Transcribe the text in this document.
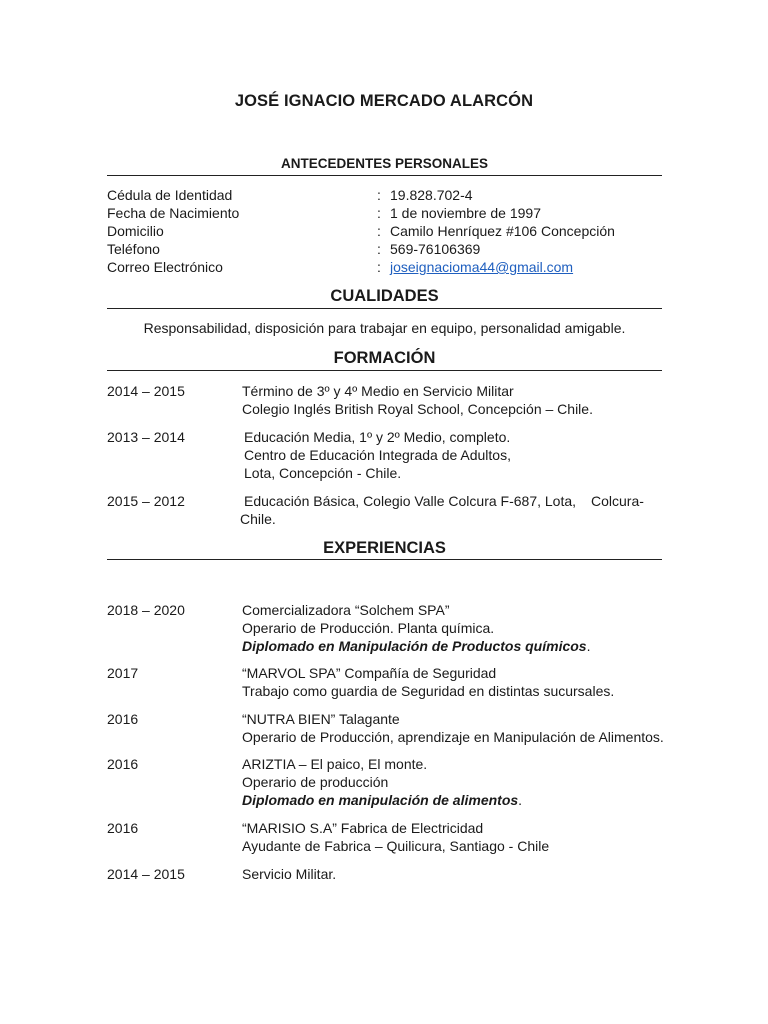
JOSÉ IGNACIO MERCADO ALARCÓN
ANTECEDENTES PERSONALES
Cédula de Identidad	: 19.828.702-4
Fecha de Nacimiento	: 1 de noviembre de 1997
Domicilio	: Camilo Henríquez #106 Concepción
Teléfono	: 569-76106369
Correo Electrónico	: joseignacioma44@gmail.com
CUALIDADES
Responsabilidad, disposición para trabajar en equipo, personalidad amigable.
FORMACIÓN
2014 – 2015	Término de 3º y 4º Medio en Servicio Militar
Colegio Inglés British Royal School, Concepción – Chile.
2013 – 2014	Educación Media, 1º y 2º Medio, completo.
Centro de Educación Integrada de Adultos,
Lota, Concepción - Chile.
2015 – 2012	Educación Básica, Colegio Valle Colcura F-687, Lota, Colcura-
Chile.
EXPERIENCIAS
2018 – 2020	Comercializadora “Solchem SPA”
Operario de Producción. Planta química.
Diplomado en Manipulación de Productos químicos.
2017	“MARVOL SPA” Compañía de Seguridad
Trabajo como guardia de Seguridad en distintas sucursales.
2016	“NUTRA BIEN” Talagante
Operario de Producción, aprendizaje en Manipulación de Alimentos.
2016	ARIZTIA – El paico, El monte.
Operario de producción
Diplomado en manipulación de alimentos.
2016	“MARISIO S.A” Fabrica de Electricidad
Ayudante de Fabrica – Quilicura, Santiago - Chile
2014 – 2015	Servicio Militar.
